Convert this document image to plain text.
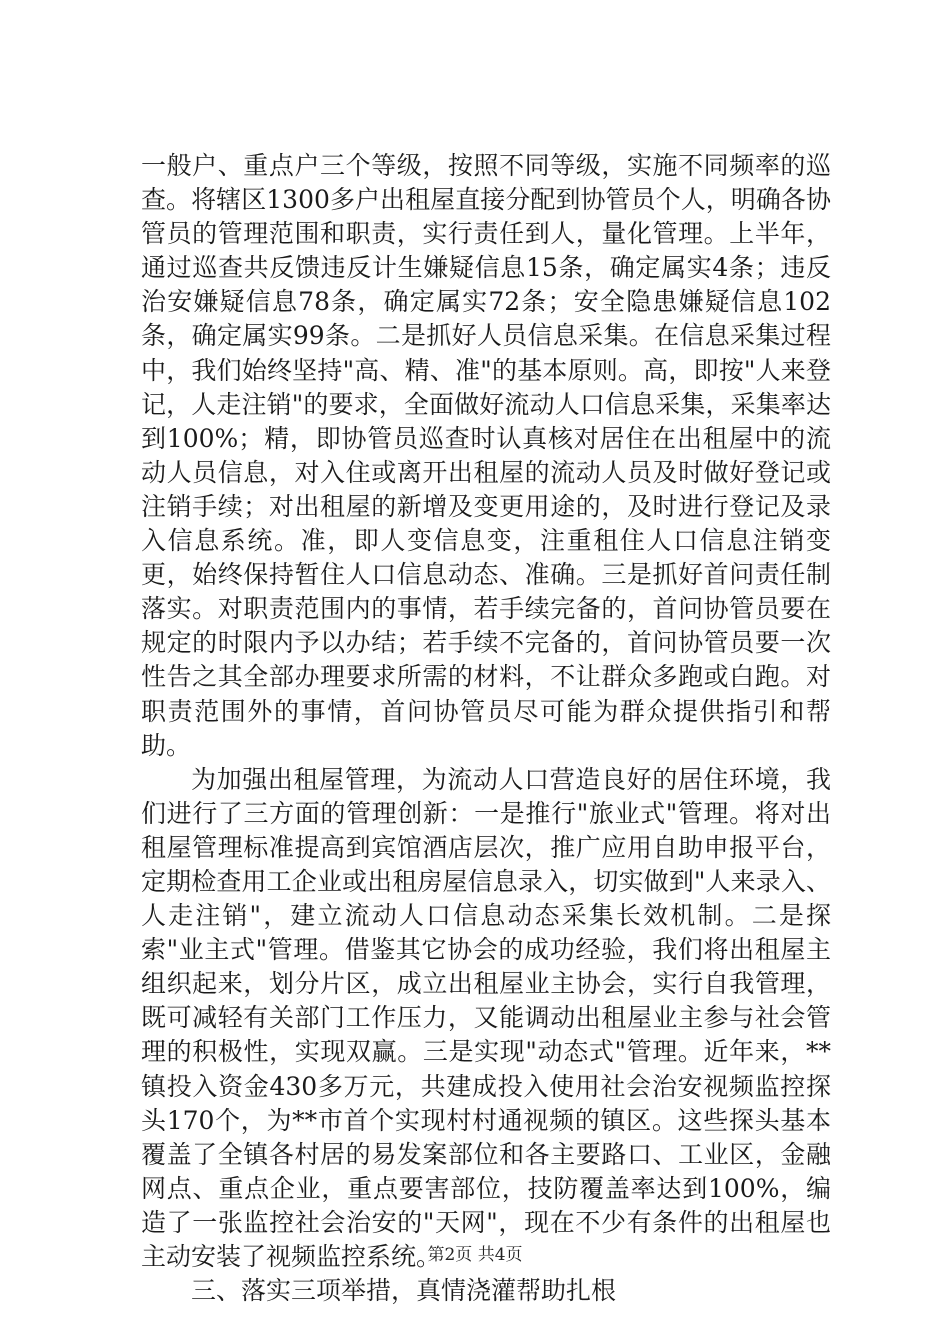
一般户、重点户三个等级，按照不同等级，实施不同频率的巡查。将辖区1300多户出租屋直接分配到协管员个人，明确各协管员的管理范围和职责，实行责任到人，量化管理。上半年，通过巡查共反馈违反计生嫌疑信息15条，确定属实4条；违反治安嫌疑信息78条，确定属实72条；安全隐患嫌疑信息102条，确定属实99条。二是抓好人员信息采集。在信息采集过程中，我们始终坚持"高、精、准"的基本原则。高，即按"人来登记，人走注销"的要求，全面做好流动人口信息采集，采集率达到100%；精，即协管员巡查时认真核对居住在出租屋中的流动人员信息，对入住或离开出租屋的流动人员及时做好登记或注销手续；对出租屋的新增及变更用途的，及时进行登记及录入信息系统。准，即人变信息变，注重租住人口信息注销变更，始终保持暂住人口信息动态、准确。三是抓好首问责任制落实。对职责范围内的事情，若手续完备的，首问协管员要在规定的时限内予以办结；若手续不完备的，首问协管员要一次性告之其全部办理要求所需的材料，不让群众多跑或白跑。对职责范围外的事情，首问协管员尽可能为群众提供指引和帮助。

为加强出租屋管理，为流动人口营造良好的居住环境，我们进行了三方面的管理创新：一是推行"旅业式"管理。将对出租屋管理标准提高到宾馆酒店层次，推广应用自助申报平台，定期检查用工企业或出租房屋信息录入，切实做到"人来录入、人走注销"，建立流动人口信息动态采集长效机制。二是探索"业主式"管理。借鉴其它协会的成功经验，我们将出租屋主组织起来，划分片区，成立出租屋业主协会，实行自我管理，既可减轻有关部门工作压力，又能调动出租屋业主参与社会管理的积极性，实现双赢。三是实现"动态式"管理。近年来，**镇投入资金430多万元，共建成投入使用社会治安视频监控探头170个，为**市首个实现村村通视频的镇区。这些探头基本覆盖了全镇各村居的易发案部位和各主要路口、工业区，金融网点、重点企业，重点要害部位，技防覆盖率达到100%，编造了一张监控社会治安的"天网"，现在不少有条件的出租屋也主动安装了视频监控系统。

三、落实三项举措，真情浇灌帮助扎根

第2页 共4页
